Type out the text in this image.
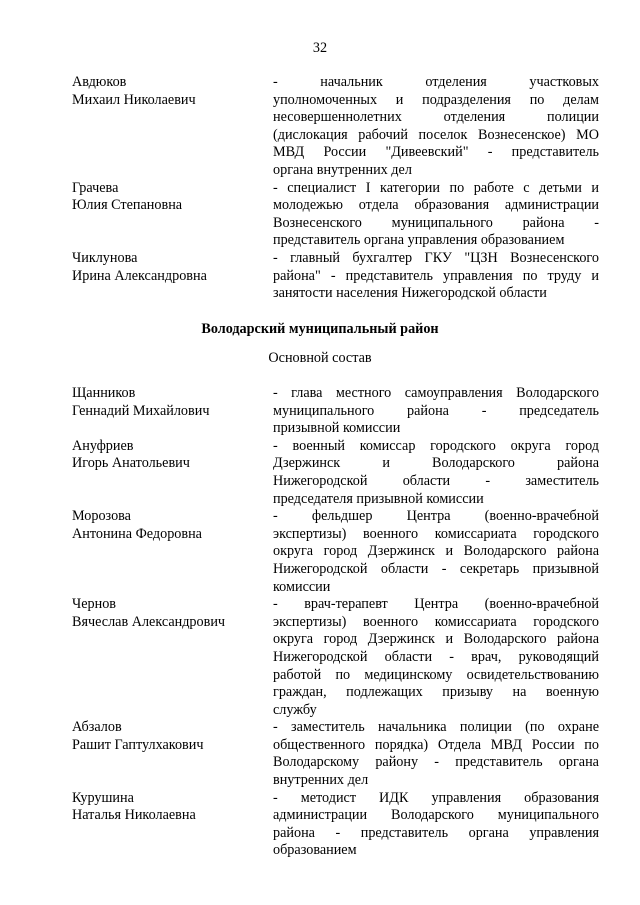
32
Авдюков
Михаил Николаевич
- начальник отделения участковых
уполномоченных и подразделения по делам
несовершеннолетних отделения полиции
(дислокация рабочий поселок Вознесенское) МО
МВД России "Дивеевский" - представитель
органа внутренних дел
Грачева
Юлия Степановна
- специалист I категории по работе с детьми и
молодежью отдела образования администрации
Вознесенского муниципального района -
представитель органа управления образованием
Чиклунова
Ирина Александровна
- главный бухгалтер ГКУ "ЦЗН Вознесенского
района" - представитель управления по труду и
занятости населения Нижегородской области
Володарский муниципальный район
Основной состав
Щанников
Геннадий Михайлович
- глава местного самоуправления Володарского
муниципального района - председатель
призывной комиссии
Ануфриев
Игорь Анатольевич
- военный комиссар городского округа город
Дзержинск и Володарского района
Нижегородской области - заместитель
председателя призывной комиссии
Морозова
Антонина Федоровна
- фельдшер Центра (военно-врачебной
экспертизы) военного комиссариата городского
округа город Дзержинск и Володарского района
Нижегородской области - секретарь призывной
комиссии
Чернов
Вячеслав Александрович
- врач-терапевт Центра (военно-врачебной
экспертизы) военного комиссариата городского
округа город Дзержинск и Володарского района
Нижегородской области - врач, руководящий
работой по медицинскому освидетельствованию
граждан, подлежащих призыву на военную
службу
Абзалов
Рашит Гаптулхакович
- заместитель начальника полиции (по охране
общественного порядка) Отдела МВД России по
Володарскому району - представитель органа
внутренних дел
Курушина
Наталья Николаевна
- методист ИДК управления образования
администрации Володарского муниципального
района - представитель органа управления
образованием
